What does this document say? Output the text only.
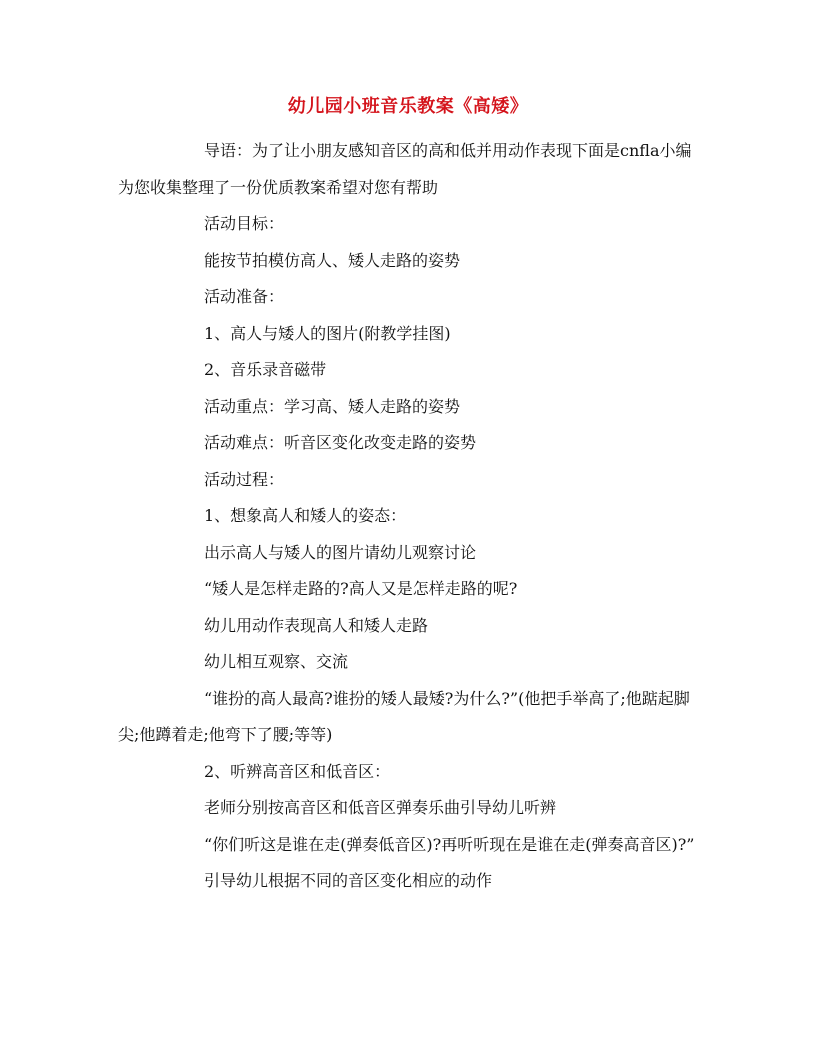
幼儿园小班音乐教案《高矮》

导语：为了让小朋友感知音区的高和低并用动作表现下面是cnfla小编为您收集整理了一份优质教案希望对您有帮助

活动目标：

能按节拍模仿高人、矮人走路的姿势

活动准备：

1、高人与矮人的图片(附教学挂图)

2、音乐录音磁带

活动重点：学习高、矮人走路的姿势

活动难点：听音区变化改变走路的姿势

活动过程：

1、想象高人和矮人的姿态：

出示高人与矮人的图片请幼儿观察讨论

“矮人是怎样走路的?高人又是怎样走路的呢?

幼儿用动作表现高人和矮人走路

幼儿相互观察、交流

“谁扮的高人最高?谁扮的矮人最矮?为什么?”(他把手举高了;他踮起脚尖;他蹲着走;他弯下了腰;等等)

2、听辨高音区和低音区：

老师分别按高音区和低音区弹奏乐曲引导幼儿听辨

“你们听这是谁在走(弹奏低音区)?再听听现在是谁在走(弹奏高音区)?”

引导幼儿根据不同的音区变化相应的动作
